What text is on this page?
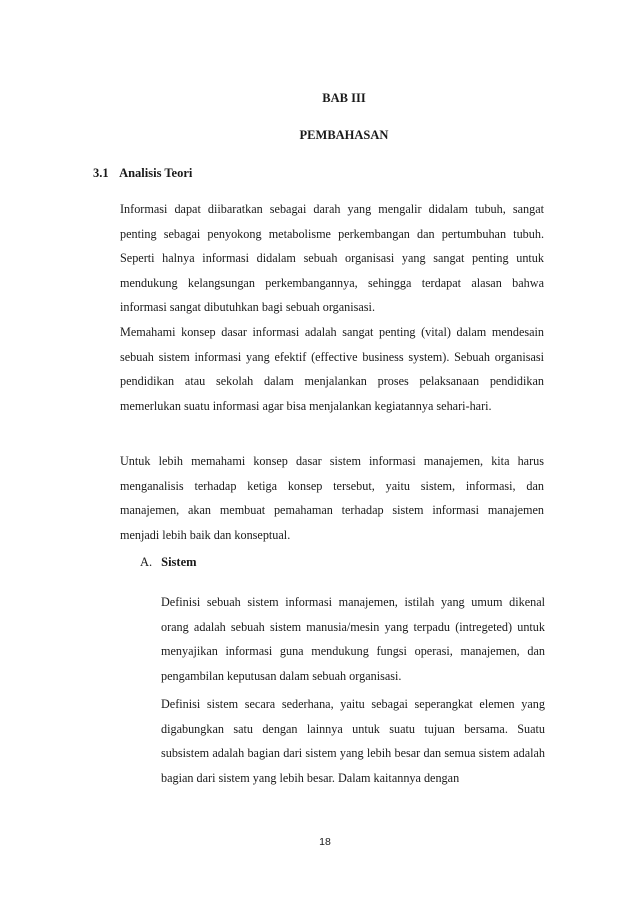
BAB III
PEMBAHASAN
3.1 Analisis Teori

Informasi dapat diibaratkan sebagai darah yang mengalir didalam tubuh, sangat penting sebagai penyokong metabolisme perkembangan dan pertumbuhan tubuh. Seperti halnya informasi didalam sebuah organisasi yang sangat penting untuk mendukung kelangsungan perkembangannya, sehingga terdapat alasan bahwa informasi sangat dibutuhkan bagi sebuah organisasi.

Memahami konsep dasar informasi adalah sangat penting (vital) dalam mendesain sebuah sistem informasi yang efektif (effective business system). Sebuah organisasi pendidikan atau sekolah dalam menjalankan proses pelaksanaan pendidikan memerlukan suatu informasi agar bisa menjalankan kegiatannya sehari-hari.

Untuk lebih memahami konsep dasar sistem informasi manajemen, kita harus menganalisis terhadap ketiga konsep tersebut, yaitu sistem, informasi, dan manajemen, akan membuat pemahaman terhadap sistem informasi manajemen menjadi lebih baik dan konseptual.

A. Sistem

Definisi sebuah sistem informasi manajemen, istilah yang umum dikenal orang adalah sebuah sistem manusia/mesin yang terpadu (intregeted) untuk menyajikan informasi guna mendukung fungsi operasi, manajemen, dan pengambilan keputusan dalam sebuah organisasi.

Definisi sistem secara sederhana, yaitu sebagai seperangkat elemen yang digabungkan satu dengan lainnya untuk suatu tujuan bersama. Suatu subsistem adalah bagian dari sistem yang lebih besar dan semua sistem adalah bagian dari sistem yang lebih besar. Dalam kaitannya dengan

18
